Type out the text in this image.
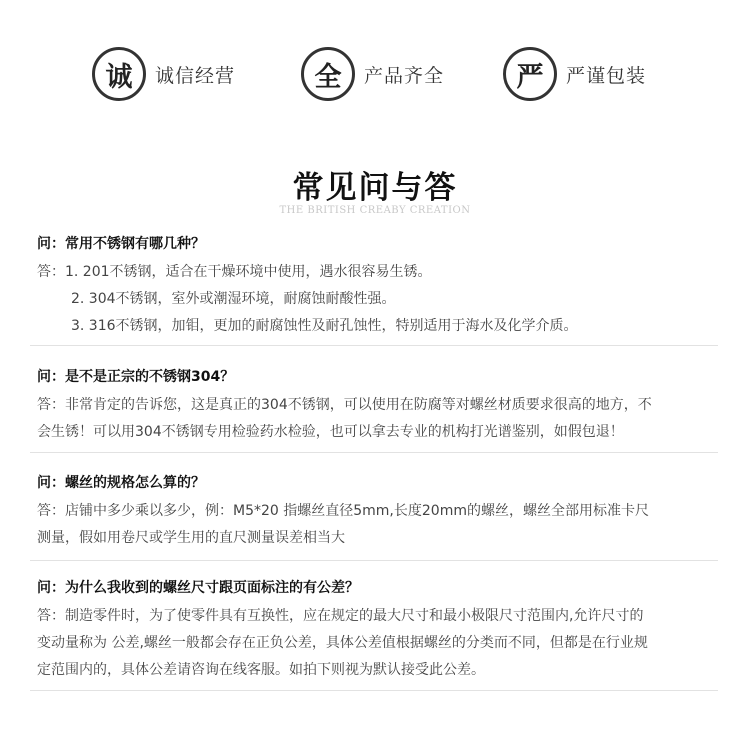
诚	诚信经营	全	产品齐全	严	严谨包装
常见问与答
THE BRITISH CREABY CREATION
问：常用不锈钢有哪几种？
答：1. 201不锈钢，适合在干燥环境中使用，遇水很容易生锈。
2. 304不锈钢，室外或潮湿环境，耐腐蚀耐酸性强。
3. 316不锈钢，加钼，更加的耐腐蚀性及耐孔蚀性，特别适用于海水及化学介质。
问：是不是正宗的不锈钢304？
答：非常肯定的告诉您，这是真正的304不锈钢，可以使用在防腐等对螺丝材质要求很高的地方，不
会生锈！可以用304不锈钢专用检验药水检验，也可以拿去专业的机构打光谱鉴别，如假包退！
问：螺丝的规格怎么算的？
答：店铺中多少乘以多少，例：M5*20 指螺丝直径5mm,长度20mm的螺丝，螺丝全部用标准卡尺
测量，假如用卷尺或学生用的直尺测量误差相当大
问：为什么我收到的螺丝尺寸跟页面标注的有公差？
答：制造零件时，为了使零件具有互换性，应在规定的最大尺寸和最小极限尺寸范围内,允许尺寸的
变动量称为 公差,螺丝一般都会存在正负公差，具体公差值根据螺丝的分类而不同，但都是在行业规
定范围内的，具体公差请咨询在线客服。如拍下则视为默认接受此公差。
